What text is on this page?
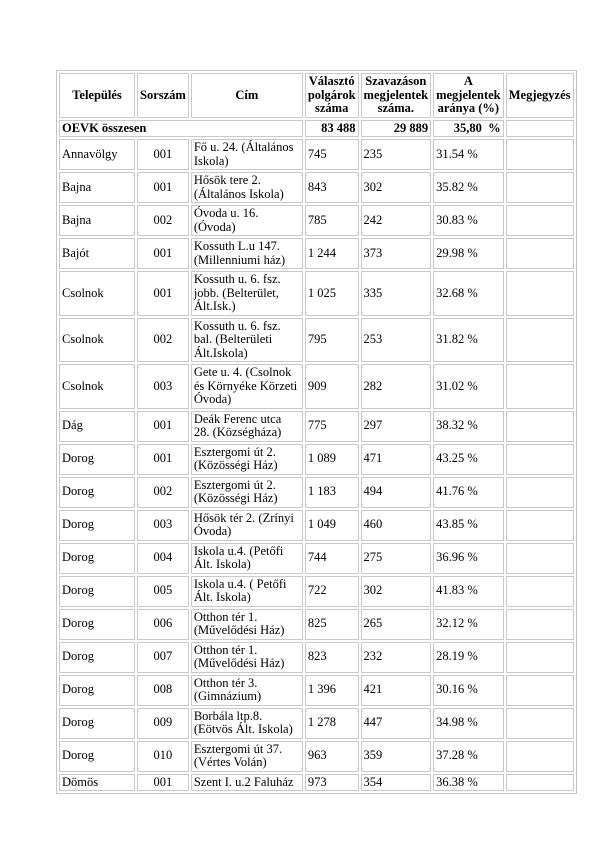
Település	Sorszám	Cím	Választó polgárok száma	Szavazáson megjelentek száma.	A megjelentek aránya (%)	Megjegyzés
OEVK összesen			83 488	29 889	35,80  %	
Annavölgy	001	Fő u. 24. (Általános Iskola)	745	235	31.54 %	
Bajna	001	Hősök tere 2. (Általános Iskola)	843	302	35.82 %	
Bajna	002	Óvoda u. 16. (Óvoda)	785	242	30.83 %	
Bajót	001	Kossuth L.u 147. (Millenniumi ház)	1 244	373	29.98 %	
Csolnok	001	Kossuth u. 6. fsz. jobb. (Belterület, Ált.Isk.)	1 025	335	32.68 %	
Csolnok	002	Kossuth u. 6. fsz. bal. (Belterületi Ált.Iskola)	795	253	31.82 %	
Csolnok	003	Gete u. 4. (Csolnok és Környéke Körzeti Óvoda)	909	282	31.02 %	
Dág	001	Deák Ferenc utca 28. (Községháza)	775	297	38.32 %	
Dorog	001	Esztergomi út 2. (Közösségi Ház)	1 089	471	43.25 %	
Dorog	002	Esztergomi út 2. (Közösségi Ház)	1 183	494	41.76 %	
Dorog	003	Hősök tér 2. (Zrínyi Óvoda)	1 049	460	43.85 %	
Dorog	004	Iskola u.4. (Petőfi Ált. Iskola)	744	275	36.96 %	
Dorog	005	Iskola u.4. ( Petőfi Ált. Iskola)	722	302	41.83 %	
Dorog	006	Otthon tér 1. (Művelődési Ház)	825	265	32.12 %	
Dorog	007	Otthon tér 1. (Művelődési Ház)	823	232	28.19 %	
Dorog	008	Otthon tér 3. (Gimnázium)	1 396	421	30.16 %	
Dorog	009	Borbála ltp.8. (Eötvös Ált. Iskola)	1 278	447	34.98 %	
Dorog	010	Esztergomi út 37. (Vértes Volán)	963	359	37.28 %	
Dömös	001	Szent I. u.2 Faluház	973	354	36.38 %	
